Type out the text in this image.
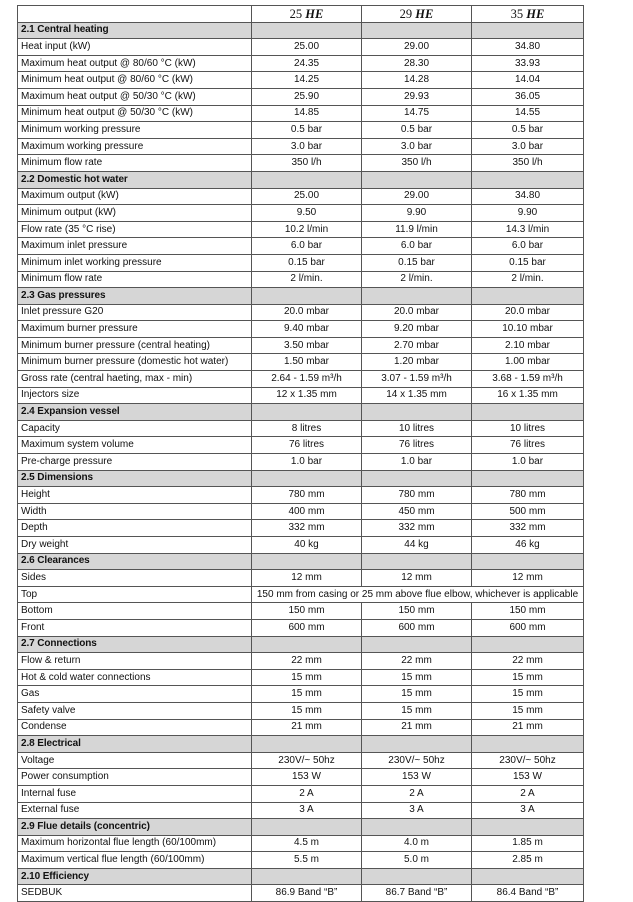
	25 HE	29 HE	35 HE
2.1 Central heating			
Heat input (kW)	25.00	29.00	34.80
Maximum heat output @ 80/60 °C (kW)	24.35	28.30	33.93
Minimum heat output @ 80/60 °C (kW)	14.25	14.28	14.04
Maximum heat output @ 50/30 °C (kW)	25.90	29.93	36.05
Minimum heat output @ 50/30 °C (kW)	14.85	14.75	14.55
Minimum working pressure	0.5 bar	0.5 bar	0.5 bar
Maximum working pressure	3.0 bar	3.0 bar	3.0 bar
Minimum flow rate	350 l/h	350 l/h	350 l/h
2.2 Domestic hot water			
Maximum output (kW)	25.00	29.00	34.80
Minimum output (kW)	9.50	9.90	9.90
Flow rate (35 °C rise)	10.2 l/min	11.9 l/min	14.3 l/min
Maximum inlet pressure	6.0 bar	6.0 bar	6.0 bar
Minimum inlet working pressure	0.15 bar	0.15 bar	0.15 bar
Minimum flow rate	2 l/min.	2 l/min.	2 l/min.
2.3 Gas pressures			
Inlet pressure G20	20.0 mbar	20.0 mbar	20.0 mbar
Maximum burner pressure	9.40 mbar	9.20 mbar	10.10 mbar
Minimum burner pressure (central heating)	3.50 mbar	2.70 mbar	2.10 mbar
Minimum burner pressure (domestic hot water)	1.50 mbar	1.20 mbar	1.00 mbar
Gross rate (central haeting, max - min)	2.64 - 1.59 m³/h	3.07 - 1.59 m³/h	3.68 - 1.59 m³/h
Injectors size	12 x 1.35 mm	14 x 1.35 mm	16 x 1.35 mm
2.4 Expansion vessel			
Capacity	8 litres	10 litres	10 litres
Maximum system volume	76 litres	76 litres	76 litres
Pre-charge pressure	1.0 bar	1.0 bar	1.0 bar
2.5 Dimensions			
Height	780 mm	780 mm	780 mm
Width	400 mm	450 mm	500 mm
Depth	332 mm	332 mm	332 mm
Dry weight	40 kg	44 kg	46 kg
2.6 Clearances			
Sides	12 mm	12 mm	12 mm
Top	150 mm from casing or 25 mm above flue elbow, whichever is applicable		
Bottom	150 mm	150 mm	150 mm
Front	600 mm	600 mm	600 mm
2.7 Connections			
Flow & return	22 mm	22 mm	22 mm
Hot & cold water connections	15 mm	15 mm	15 mm
Gas	15 mm	15 mm	15 mm
Safety valve	15 mm	15 mm	15 mm
Condense	21 mm	21 mm	21 mm
2.8 Electrical			
Voltage	230V/~ 50hz	230V/~ 50hz	230V/~ 50hz
Power consumption	153 W	153 W	153 W
Internal fuse	2 A	2 A	2 A
External fuse	3 A	3 A	3 A
2.9 Flue details (concentric)			
Maximum horizontal flue length (60/100mm)	4.5 m	4.0 m	1.85 m
Maximum vertical flue length (60/100mm)	5.5 m	5.0 m	2.85 m
2.10 Efficiency			
SEDBUK	86.9 Band “B”	86.7 Band “B”	86.4 Band “B”
